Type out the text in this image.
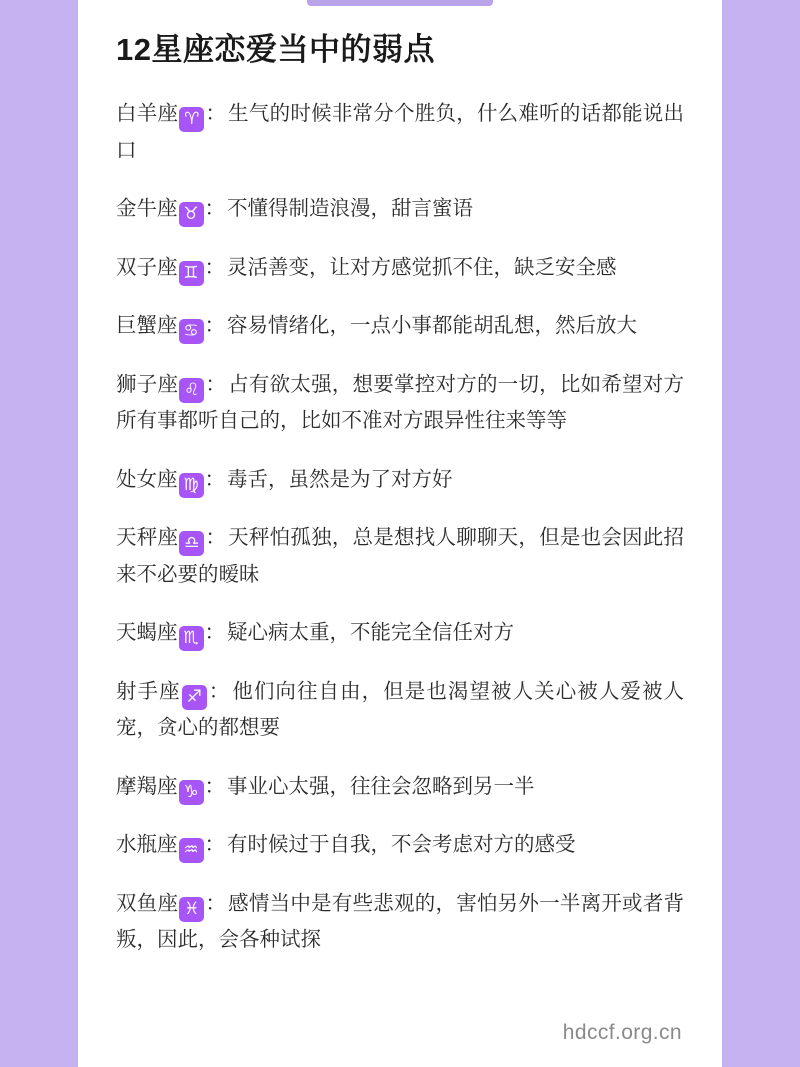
12星座恋爱当中的弱点

白羊座 ♈ ：生气的时候非常分个胜负，什么难听的话都能说出口

金牛座 ♉ ：不懂得制造浪漫，甜言蜜语

双子座 ♊ ：灵活善变，让对方感觉抓不住，缺乏安全感

巨蟹座 ♋ ：容易情绪化，一点小事都能胡乱想，然后放大

狮子座 ♌ ：占有欲太强，想要掌控对方的一切，比如希望对方所有事都听自己的，比如不准对方跟异性往来等等

处女座 ♍ ：毒舌，虽然是为了对方好

天秤座 ♎ ：天秤怕孤独，总是想找人聊聊天，但是也会因此招来不必要的暧昧

天蝎座 ♏ ：疑心病太重，不能完全信任对方

射手座 ♐ ：他们向往自由，但是也渴望被人关心被人爱被人宠，贪心的都想要

摩羯座 ♑ ：事业心太强，往往会忽略到另一半

水瓶座 ♒ ：有时候过于自我，不会考虑对方的感受

双鱼座 ♓ ：感情当中是有些悲观的，害怕另外一半离开或者背叛，因此，会各种试探

hdccf.org.cn
